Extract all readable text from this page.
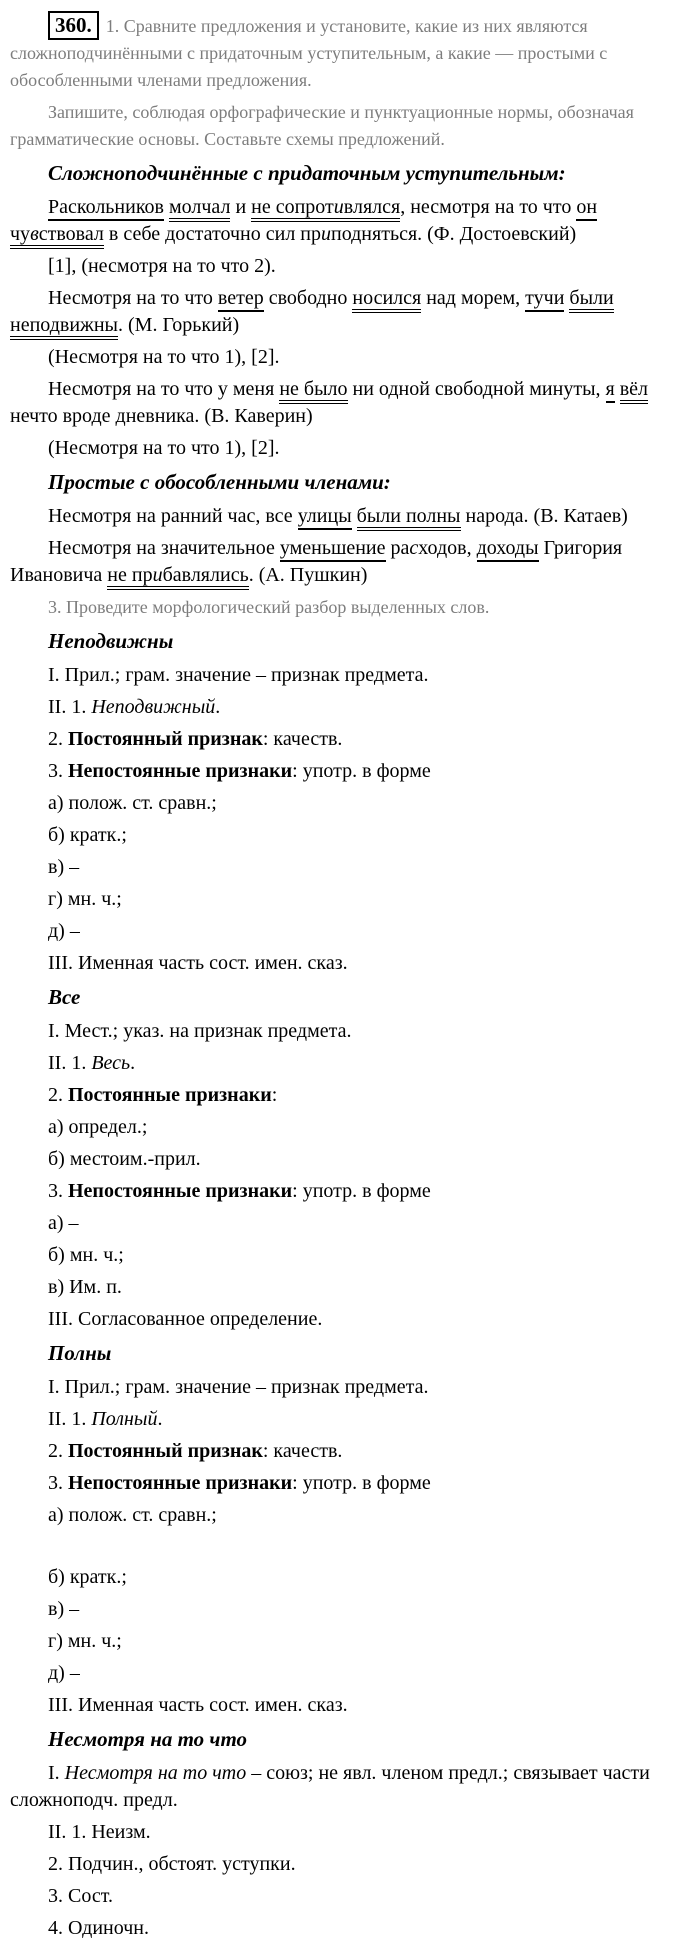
360. 1. Сравните предложения и установите, какие из них являются сложноподчинёнными с придаточным уступительным, а какие — простыми с обособленными членами предложения.

Запишите, соблюдая орфографические и пунктуационные нормы, обозначая грамматические основы. Составьте схемы предложений.

Сложноподчинённые с придаточным уступительным:

Раскольников молчал и не сопротивлялся, несмотря на то что он чувствовал в себе достаточно сил приподняться. (Ф. Достоевский)

[1], (несмотря на то что 2).

Несмотря на то что ветер свободно носился над морем, тучи были неподвижны. (М. Горький)

(Несмотря на то что 1), [2].

Несмотря на то что у меня не было ни одной свободной минуты, я вёл нечто вроде дневника. (В. Каверин)

(Несмотря на то что 1), [2].

Простые с обособленными членами:

Несмотря на ранний час, все улицы были полны народа. (В. Катаев)

Несмотря на значительное уменьшение расходов, доходы Григория Ивановича не прибавлялись. (А. Пушкин)

3. Проведите морфологический разбор выделенных слов.

Неподвижны

I. Прил.; грам. значение – признак предмета.

II. 1. Неподвижный.

2. Постоянный признак: качеств.

3. Непостоянные признаки: употр. в форме

а) полож. ст. сравн.;

б) кратк.;

в) –

г) мн. ч.;

д) –

III. Именная часть сост. имен. сказ.

Все

I. Мест.; указ. на признак предмета.

II. 1. Весь.

2. Постоянные признаки:

а) определ.;

б) местоим.-прил.

3. Непостоянные признаки: употр. в форме

а) –

б) мн. ч.;

в) Им. п.

III. Согласованное определение.

Полны

I. Прил.; грам. значение – признак предмета.

II. 1. Полный.

2. Постоянный признак: качеств.

3. Непостоянные признаки: употр. в форме

а) полож. ст. сравн.;

б) кратк.;

в) –

г) мн. ч.;

д) –

III. Именная часть сост. имен. сказ.

Несмотря на то что

I. Несмотря на то что – союз; не явл. членом предл.; связывает части сложноподч. предл.

II. 1. Неизм.

2. Подчин., обстоят. уступки.

3. Сост.

4. Одиночн.
